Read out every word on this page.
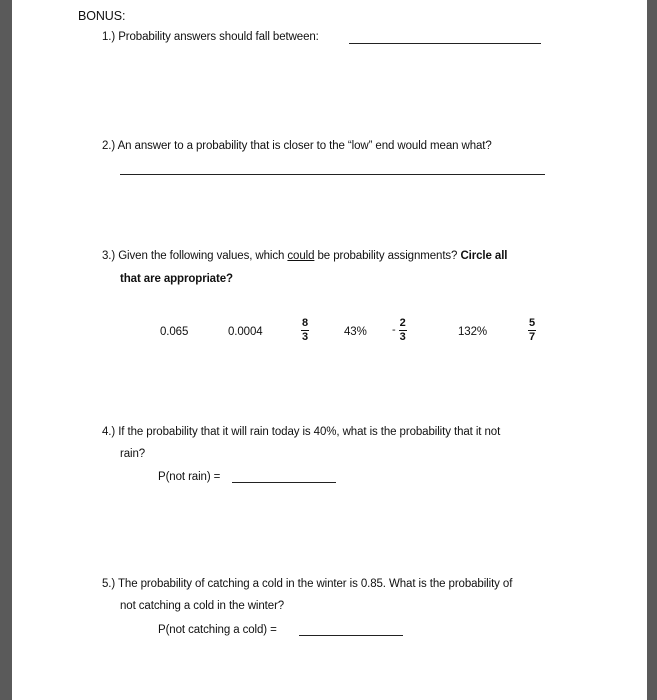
BONUS:
1.) Probability answers should fall between:
2.) An answer to a probability that is closer to the “low” end would mean what?
3.) Given the following values, which could be probability assignments? Circle all
that are appropriate?
0.065	0.0004
8
3	43% -
2
3	132%
5
7
4.) If the probability that it will rain today is 40%, what is the probability that it not
rain?
P(not rain) =
5.) The probability of catching a cold in the winter is 0.85. What is the probability of
not catching a cold in the winter?
P(not catching a cold) =
